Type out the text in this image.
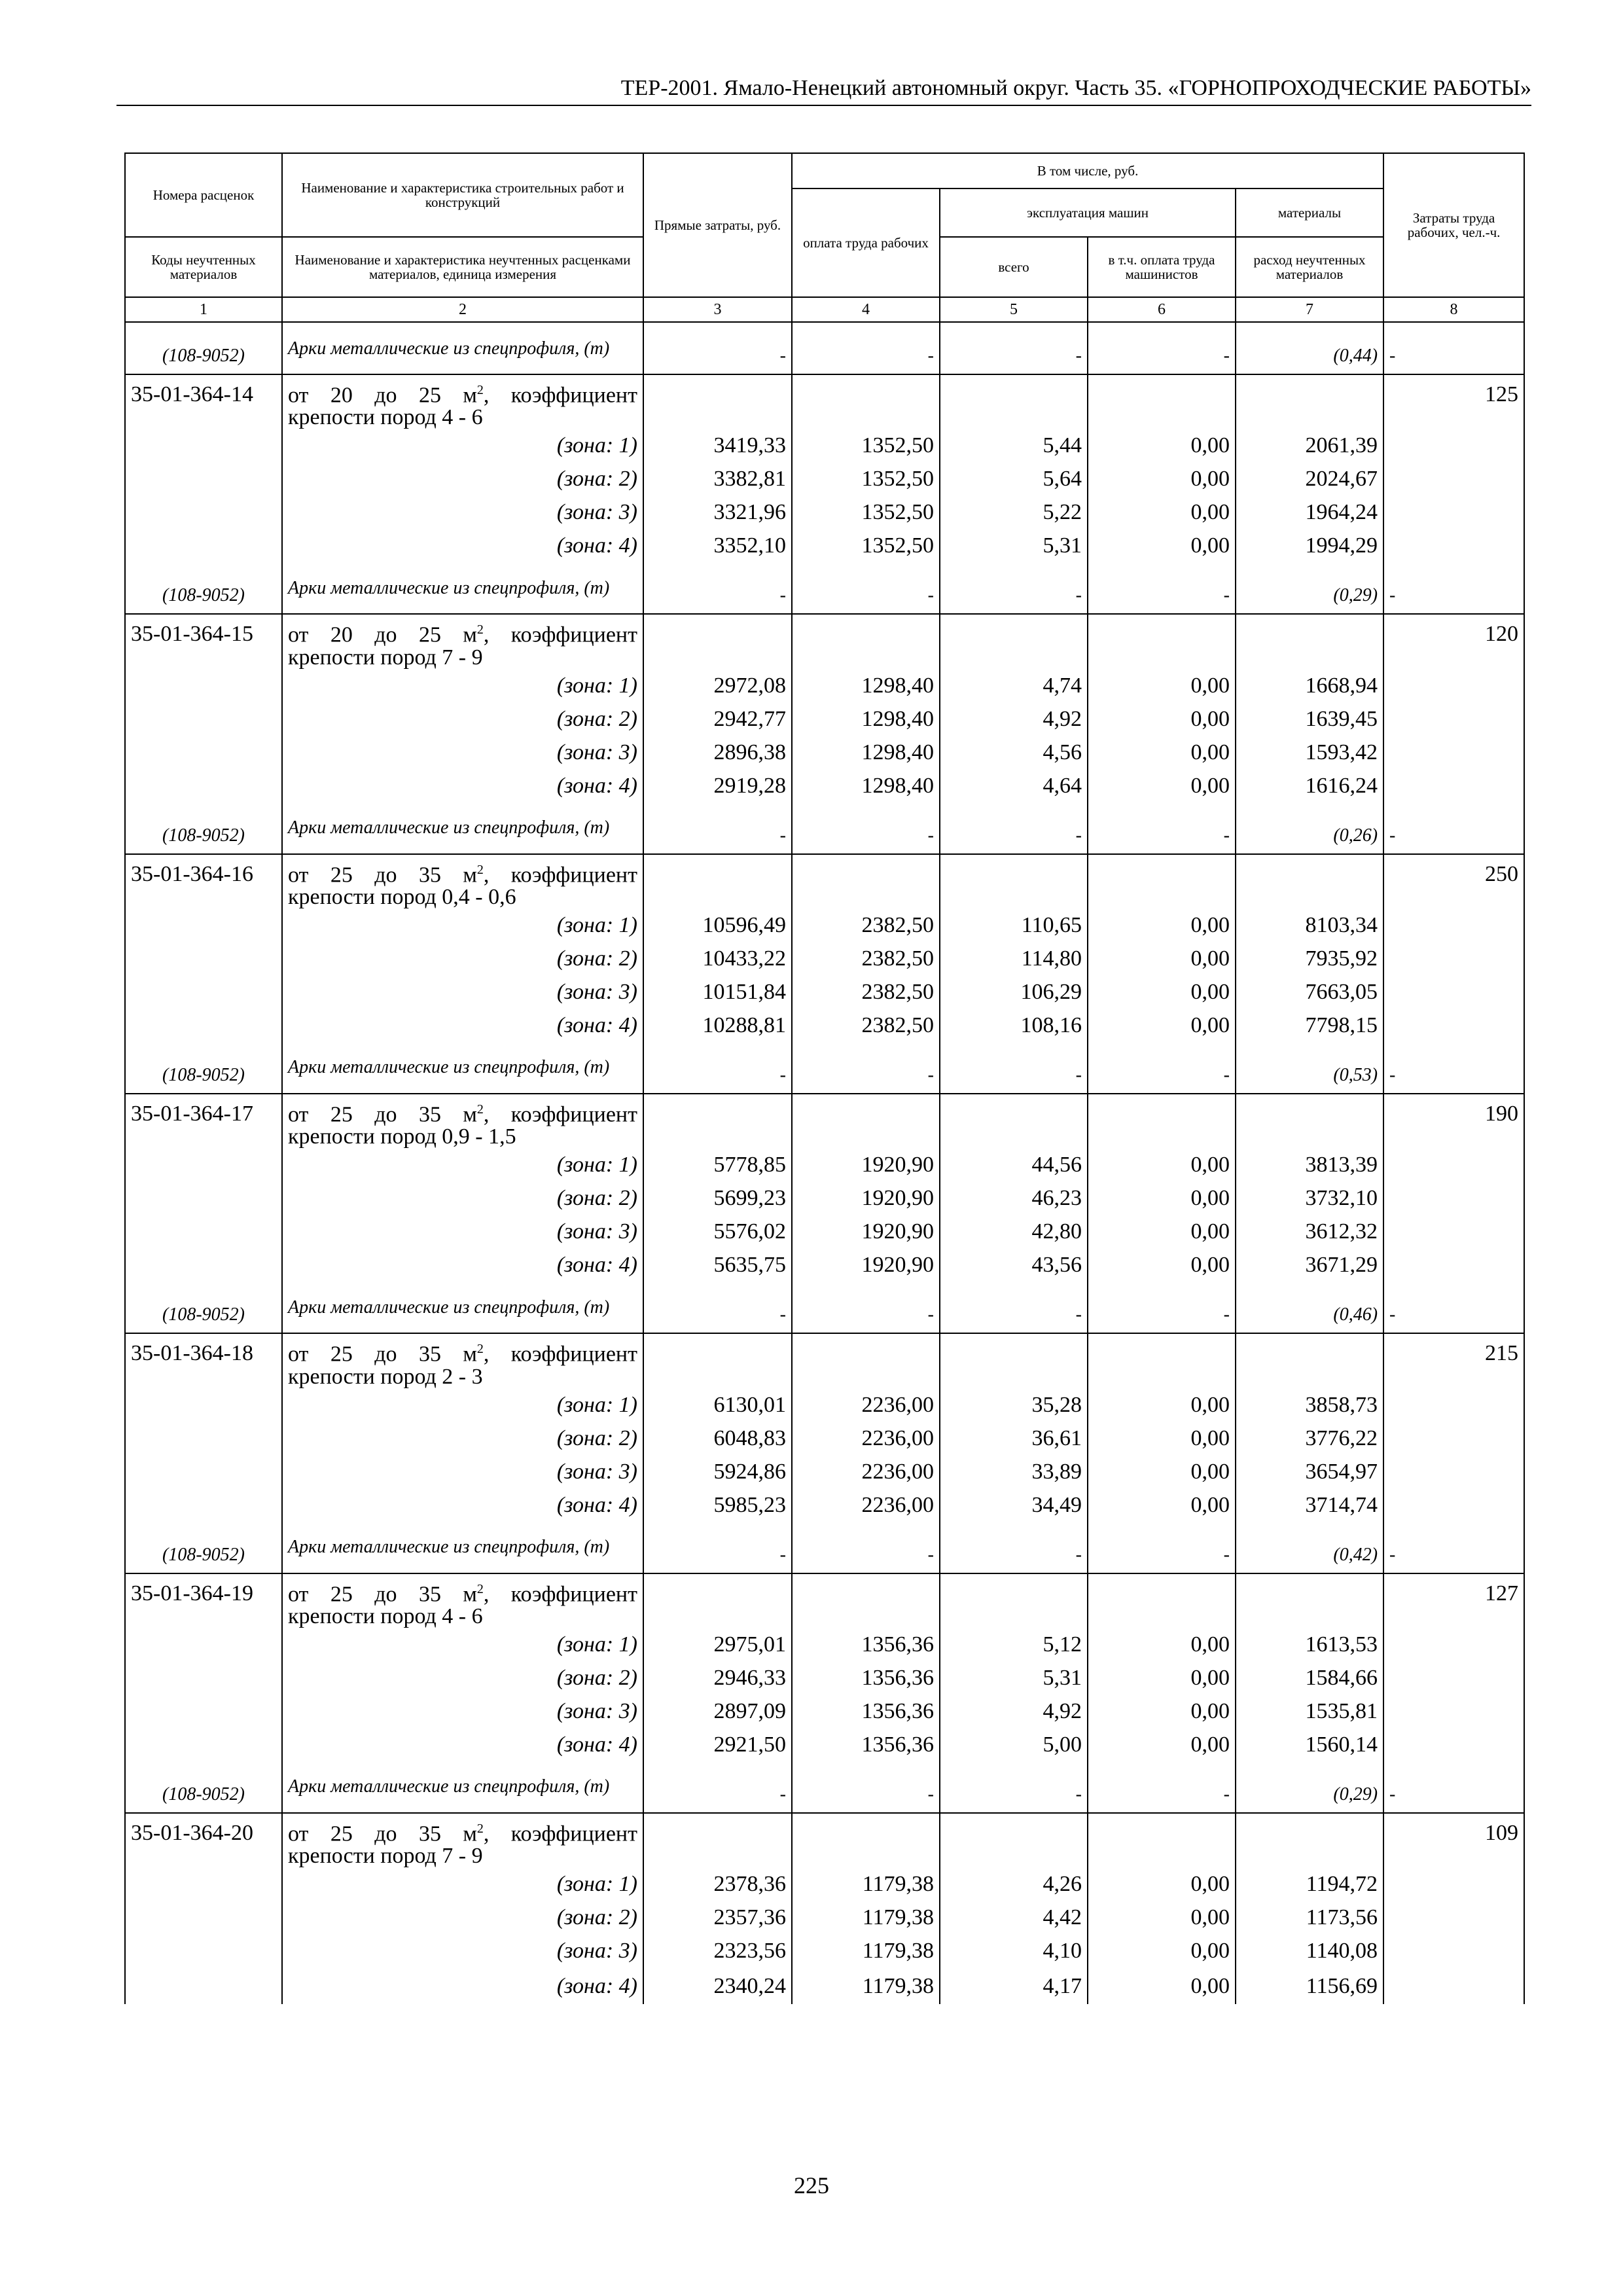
ТЕР-2001. Ямало-Ненецкий автономный округ. Часть 35. «ГОРНОПРОХОДЧЕСКИЕ РАБОТЫ»
Номера расценок	Наименование и характеристика строительных работ и конструкций	Прямые затраты, руб.	В том числе, руб.				Затраты труда рабочих, чел.-ч.
			оплата труда рабочих	эксплуатация машин		материалы	
Коды неучтенных материалов	Наименование и характеристика неучтенных расценками материалов, единица измерения			всего	в т.ч. оплата труда машинистов	расход неучтенных материалов	
1	2	3	4	5	6	7	8
(108-9052)	Арки металлические из спецпрофиля, (т)	-	-	-	-	(0,44)	-
35-01-364-14	от 20 до 25 $м^2$, коэффициент
крепости пород 4 - 6						125
	(зона: 1)	3419,33	1352,50	5,44	0,00	2061,39	
	(зона: 2)	3382,81	1352,50	5,64	0,00	2024,67	
	(зона: 3)	3321,96	1352,50	5,22	0,00	1964,24	
	(зона: 4)	3352,10	1352,50	5,31	0,00	1994,29	
(108-9052)	Арки металлические из спецпрофиля, (т)	-	-	-	-	(0,29)	-
35-01-364-15	от 20 до 25 $м^2$, коэффициент
крепости пород 7 - 9						120
	(зона: 1)	2972,08	1298,40	4,74	0,00	1668,94	
	(зона: 2)	2942,77	1298,40	4,92	0,00	1639,45	
	(зона: 3)	2896,38	1298,40	4,56	0,00	1593,42	
	(зона: 4)	2919,28	1298,40	4,64	0,00	1616,24	
(108-9052)	Арки металлические из спецпрофиля, (т)	-	-	-	-	(0,26)	-
35-01-364-16	от 25 до 35 $м^2$, коэффициент
крепости пород 0,4 - 0,6						250
	(зона: 1)	10596,49	2382,50	110,65	0,00	8103,34	
	(зона: 2)	10433,22	2382,50	114,80	0,00	7935,92	
	(зона: 3)	10151,84	2382,50	106,29	0,00	7663,05	
	(зона: 4)	10288,81	2382,50	108,16	0,00	7798,15	
(108-9052)	Арки металлические из спецпрофиля, (т)	-	-	-	-	(0,53)	-
35-01-364-17	от 25 до 35 $м^2$, коэффициент
крепости пород 0,9 - 1,5						190
	(зона: 1)	5778,85	1920,90	44,56	0,00	3813,39	
	(зона: 2)	5699,23	1920,90	46,23	0,00	3732,10	
	(зона: 3)	5576,02	1920,90	42,80	0,00	3612,32	
	(зона: 4)	5635,75	1920,90	43,56	0,00	3671,29	
(108-9052)	Арки металлические из спецпрофиля, (т)	-	-	-	-	(0,46)	-
35-01-364-18	от 25 до 35 $м^2$, коэффициент
крепости пород 2 - 3						215
	(зона: 1)	6130,01	2236,00	35,28	0,00	3858,73	
	(зона: 2)	6048,83	2236,00	36,61	0,00	3776,22	
	(зона: 3)	5924,86	2236,00	33,89	0,00	3654,97	
	(зона: 4)	5985,23	2236,00	34,49	0,00	3714,74	
(108-9052)	Арки металлические из спецпрофиля, (т)	-	-	-	-	(0,42)	-
35-01-364-19	от 25 до 35 $м^2$, коэффициент
крепости пород 4 - 6						127
	(зона: 1)	2975,01	1356,36	5,12	0,00	1613,53	
	(зона: 2)	2946,33	1356,36	5,31	0,00	1584,66	
	(зона: 3)	2897,09	1356,36	4,92	0,00	1535,81	
	(зона: 4)	2921,50	1356,36	5,00	0,00	1560,14	
(108-9052)	Арки металлические из спецпрофиля, (т)	-	-	-	-	(0,29)	-
35-01-364-20	от 25 до 35 $м^2$, коэффициент
крепости пород 7 - 9						109
	(зона: 1)	2378,36	1179,38	4,26	0,00	1194,72	
	(зона: 2)	2357,36	1179,38	4,42	0,00	1173,56	
	(зона: 3)	2323,56	1179,38	4,10	0,00	1140,08	
	(зона: 4)	2340,24	1179,38	4,17	0,00	1156,69	
225
